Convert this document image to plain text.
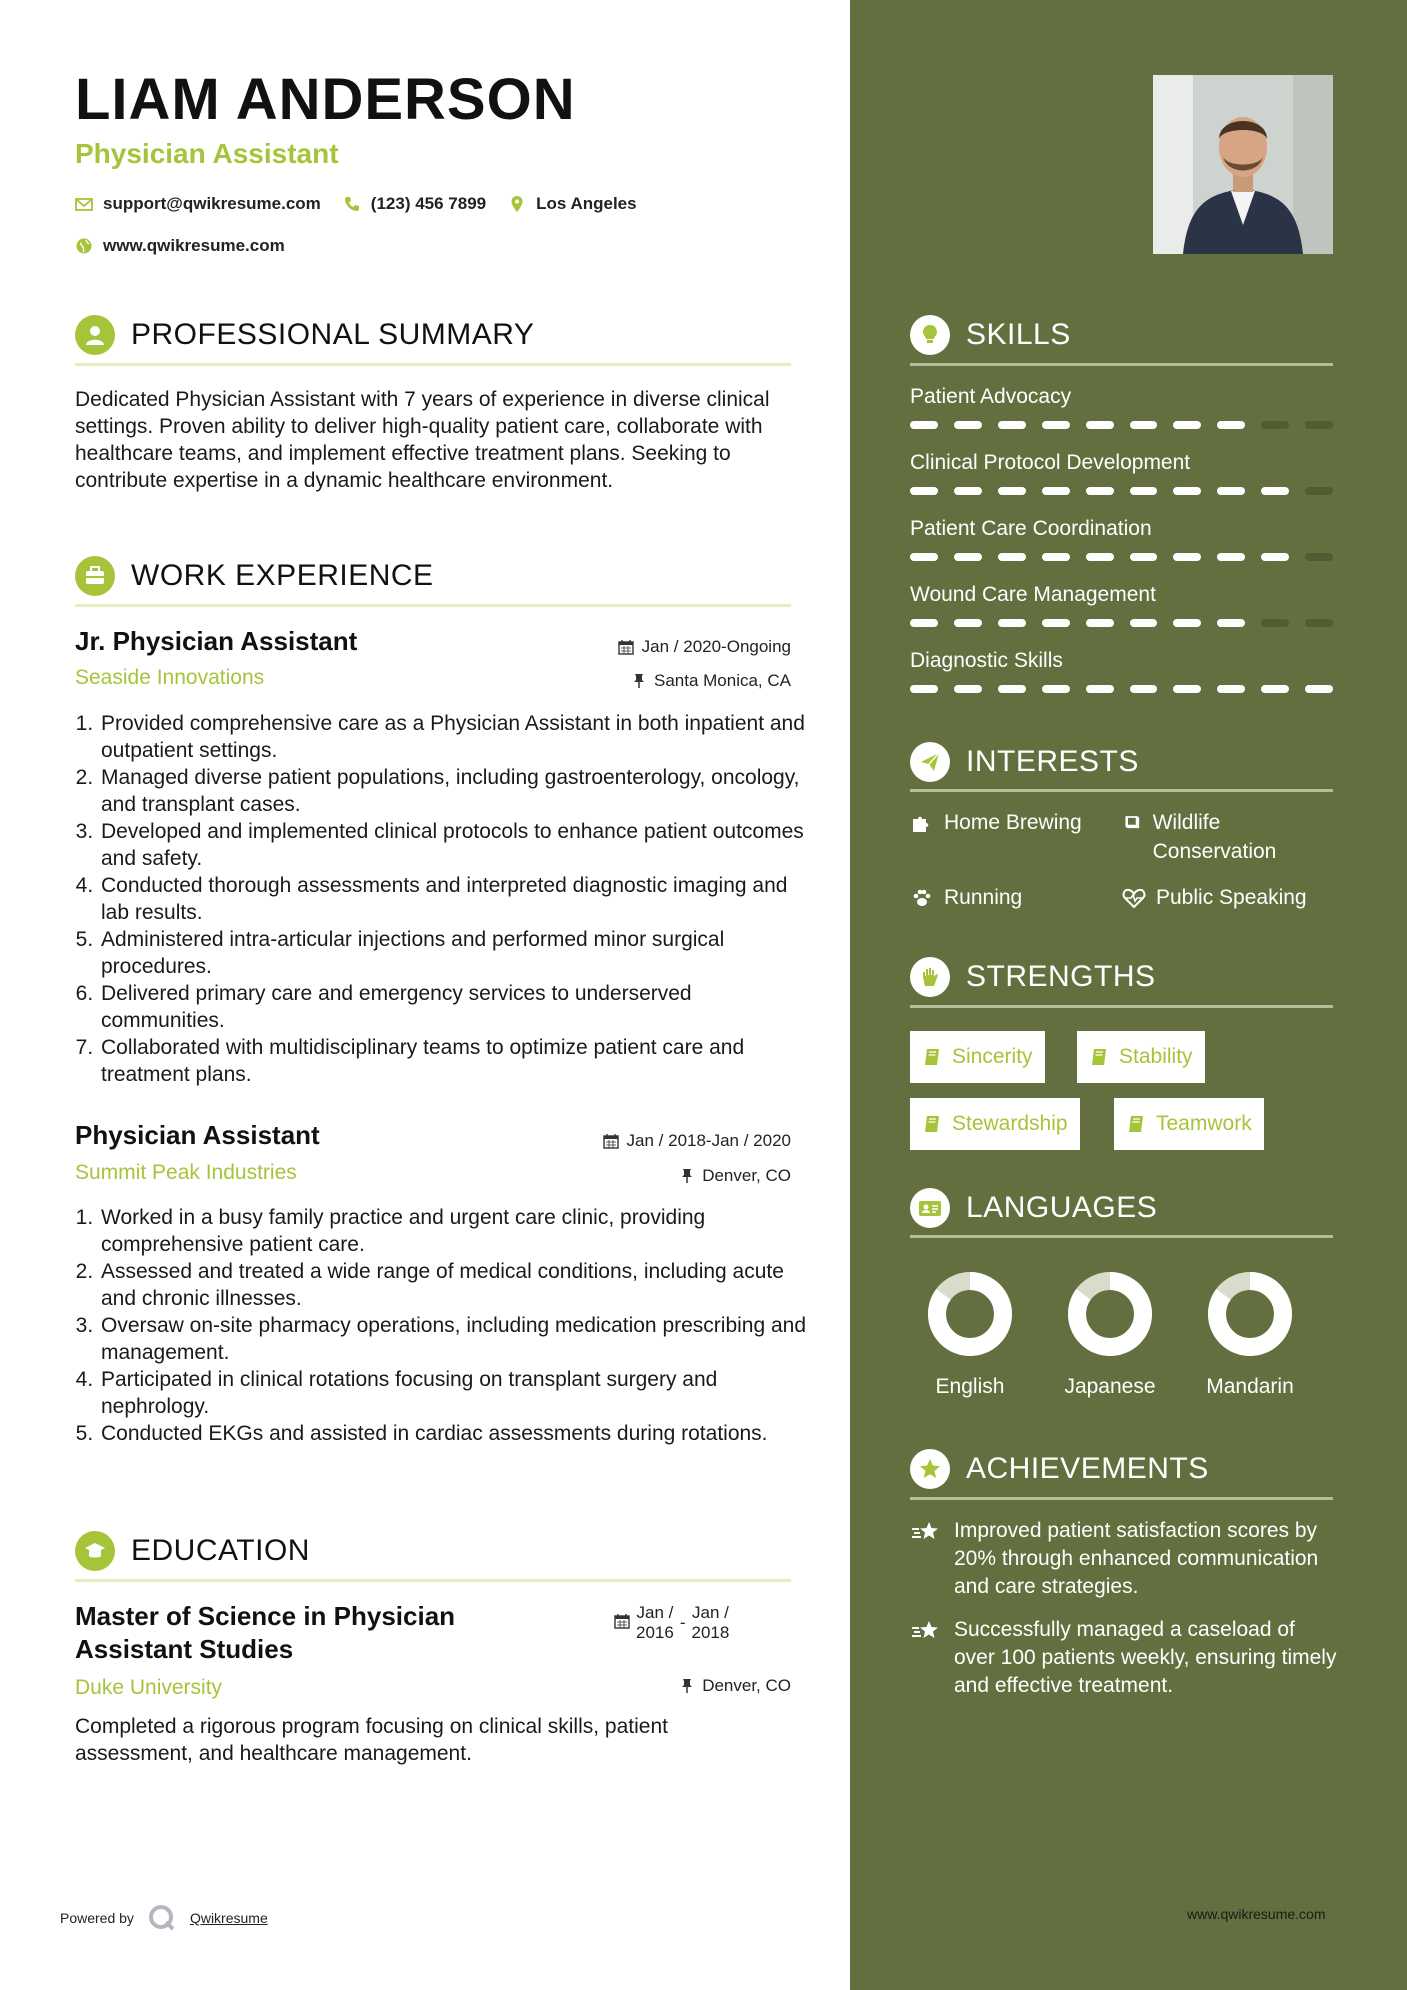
LIAM ANDERSON
Physician Assistant
support@qwikresume.com	(123) 456 7899	Los Angeles
www.qwikresume.com
PROFESSIONAL SUMMARY
Dedicated Physician Assistant with 7 years of experience in diverse clinical settings. Proven ability to deliver high-quality patient care, collaborate with healthcare teams, and implement effective treatment plans. Seeking to contribute expertise in a dynamic healthcare environment.
WORK EXPERIENCE
Jr. Physician Assistant	Jan / 2020-Ongoing
Seaside Innovations	Santa Monica, CA
1. Provided comprehensive care as a Physician Assistant in both inpatient and outpatient settings.
2. Managed diverse patient populations, including gastroenterology, oncology, and transplant cases.
3. Developed and implemented clinical protocols to enhance patient outcomes and safety.
4. Conducted thorough assessments and interpreted diagnostic imaging and lab results.
5. Administered intra-articular injections and performed minor surgical procedures.
6. Delivered primary care and emergency services to underserved communities.
7. Collaborated with multidisciplinary teams to optimize patient care and treatment plans.
Physician Assistant	Jan / 2018-Jan / 2020
Summit Peak Industries	Denver, CO
1. Worked in a busy family practice and urgent care clinic, providing comprehensive patient care.
2. Assessed and treated a wide range of medical conditions, including acute and chronic illnesses.
3. Oversaw on-site pharmacy operations, including medication prescribing and management.
4. Participated in clinical rotations focusing on transplant surgery and nephrology.
5. Conducted EKGs and assisted in cardiac assessments during rotations.
EDUCATION
Master of Science in Physician
Assistant Studies
Jan /
2016
-
Jan /
2018
Duke University	Denver, CO
Completed a rigorous program focusing on clinical skills, patient assessment, and healthcare management.
Powered by	Qwikresume
SKILLS
Patient Advocacy
Clinical Protocol Development
Patient Care Coordination
Wound Care Management
Diagnostic Skills
INTERESTS
Home Brewing	Wildlife Conservation
Running	Public Speaking
STRENGTHS
Sincerity	Stability
Stewardship	Teamwork
LANGUAGES
English	Japanese	Mandarin
ACHIEVEMENTS
Improved patient satisfaction scores by 20% through enhanced communication and care strategies.
Successfully managed a caseload of over 100 patients weekly, ensuring timely and effective treatment.
www.qwikresume.com
